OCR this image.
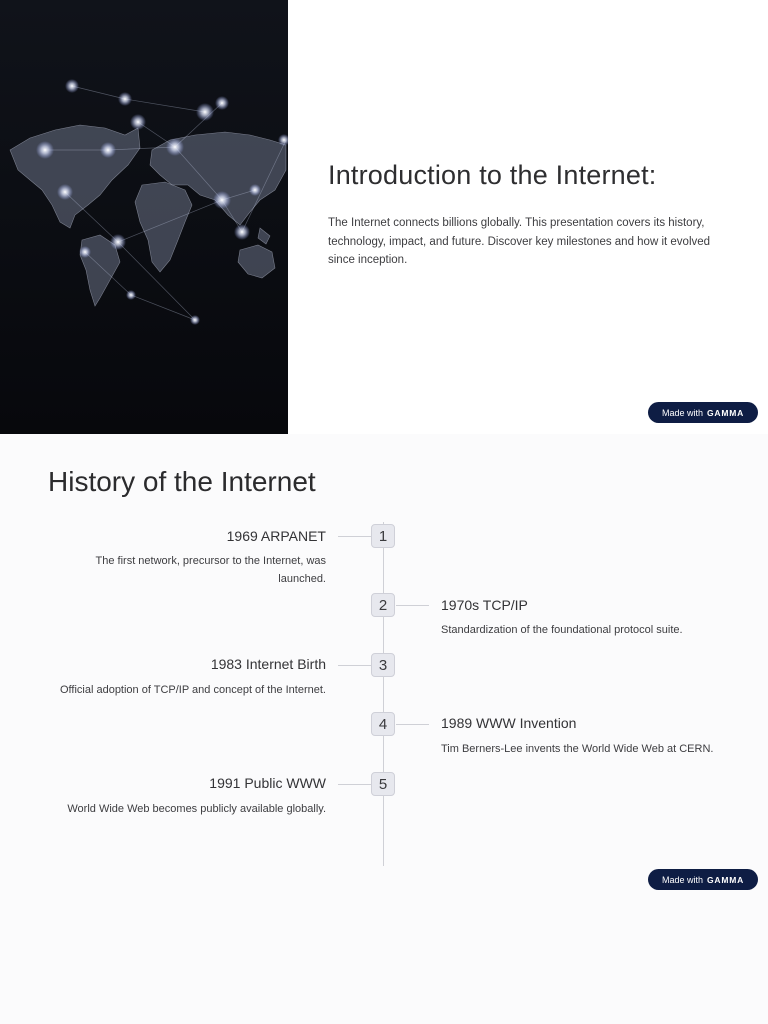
Introduction to the Internet:

The Internet connects billions globally. This presentation covers its history, technology, impact, and future. Discover key milestones and how it evolved since inception.

Made with GAMMA
History of the Internet
1
1969 ARPANET

The first network, precursor to the Internet, was launched.

2	1970s TCP/IP

Standardization of the foundational protocol suite.

3
1983 Internet Birth

Official adoption of TCP/IP and concept of the Internet.

4	1989 WWW Invention

Tim Berners-Lee invents the World Wide Web at CERN.

5
1991 Public WWW

World Wide Web becomes publicly available globally.

Made with GAMMA
